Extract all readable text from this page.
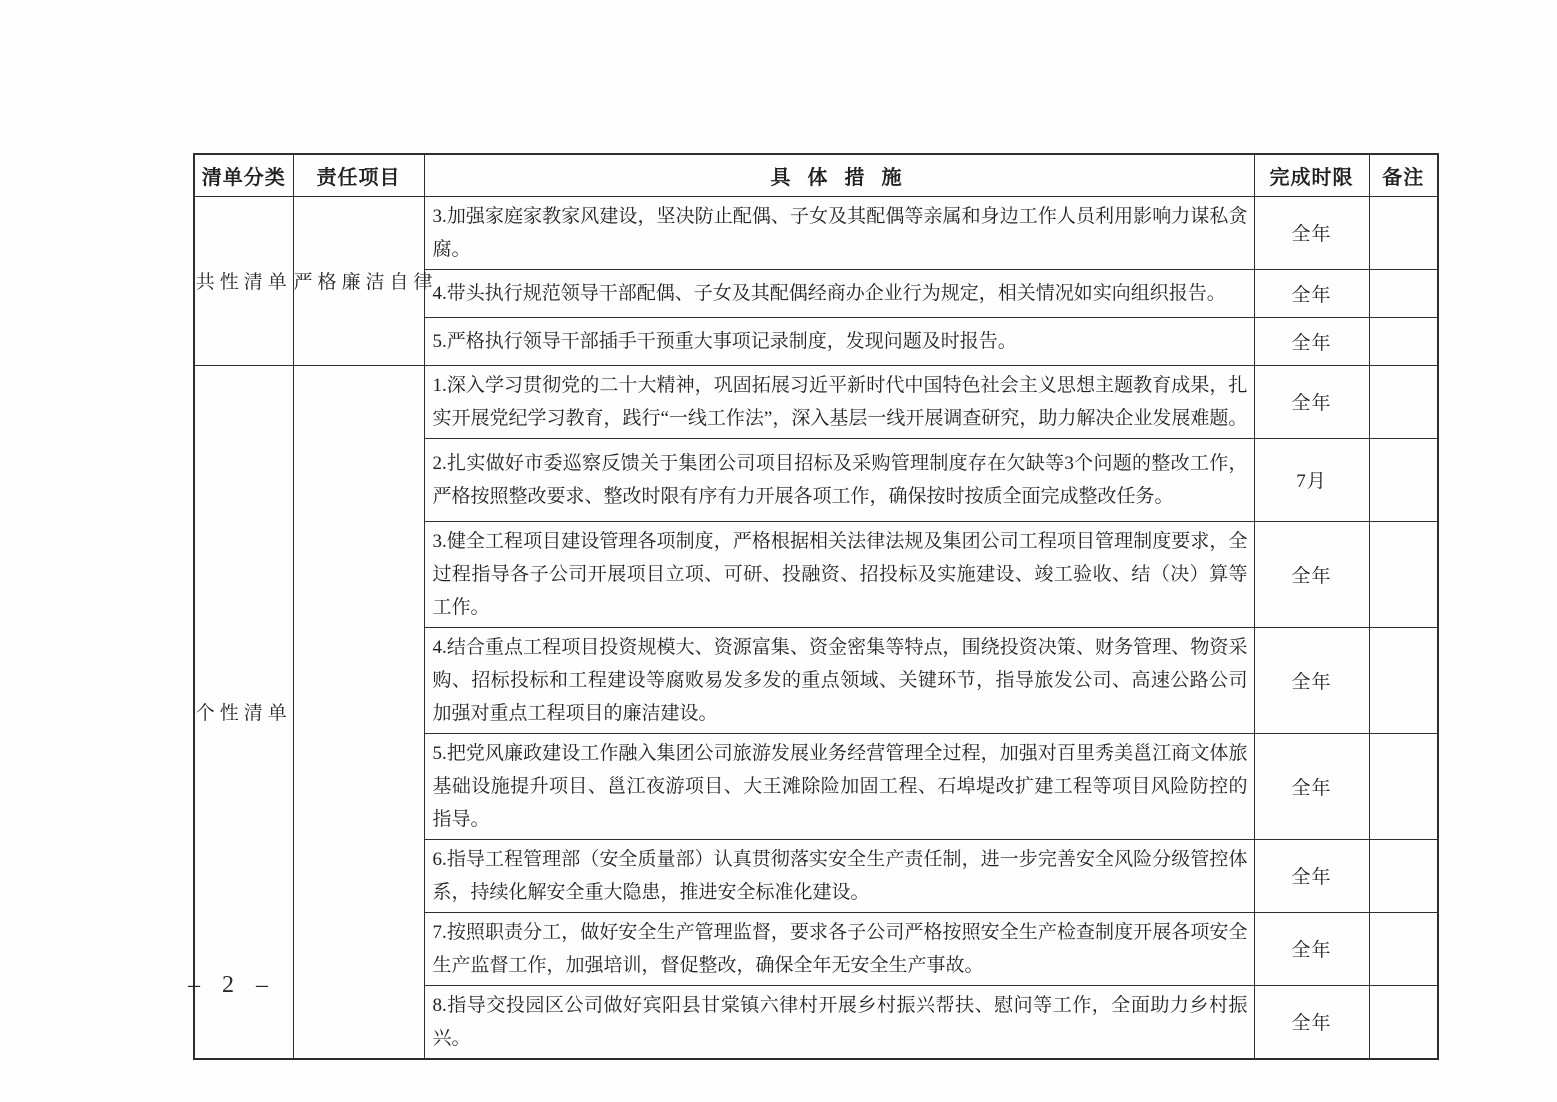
清单分类	责任项目	具 体 措 施	完成时限	备注
共性清单	严格廉洁自律	3.加强家庭家教家风建设，坚决防止配偶、子女及其配偶等亲属和身边工作人员利用影响力谋私贪腐。	全年	
		4.带头执行规范领导干部配偶、子女及其配偶经商办企业行为规定，相关情况如实向组织报告。	全年	
		5.严格执行领导干部插手干预重大事项记录制度，发现问题及时报告。	全年	
个性清单		1.深入学习贯彻党的二十大精神，巩固拓展习近平新时代中国特色社会主义思想主题教育成果，扎实开展党纪学习教育，践行“一线工作法”，深入基层一线开展调查研究，助力解决企业发展难题。	全年	
		2.扎实做好市委巡察反馈关于集团公司项目招标及采购管理制度存在欠缺等3个问题的整改工作，严格按照整改要求、整改时限有序有力开展各项工作，确保按时按质全面完成整改任务。	7月	
		3.健全工程项目建设管理各项制度，严格根据相关法律法规及集团公司工程项目管理制度要求，全过程指导各子公司开展项目立项、可研、投融资、招投标及实施建设、竣工验收、结（决）算等工作。	全年	
		4.结合重点工程项目投资规模大、资源富集、资金密集等特点，围绕投资决策、财务管理、物资采购、招标投标和工程建设等腐败易发多发的重点领域、关键环节，指导旅发公司、高速公路公司加强对重点工程项目的廉洁建设。	全年	
		5.把党风廉政建设工作融入集团公司旅游发展业务经营管理全过程，加强对百里秀美邕江商文体旅基础设施提升项目、邕江夜游项目、大王滩除险加固工程、石埠堤改扩建工程等项目风险防控的指导。	全年	
		6.指导工程管理部（安全质量部）认真贯彻落实安全生产责任制，进一步完善安全风险分级管控体系，持续化解安全重大隐患，推进安全标准化建设。	全年	
		7.按照职责分工，做好安全生产管理监督，要求各子公司严格按照安全生产检查制度开展各项安全生产监督工作，加强培训，督促整改，确保全年无安全生产事故。	全年	
		8.指导交投园区公司做好宾阳县甘棠镇六律村开展乡村振兴帮扶、慰问等工作，全面助力乡村振兴。	全年	
– 2 –
